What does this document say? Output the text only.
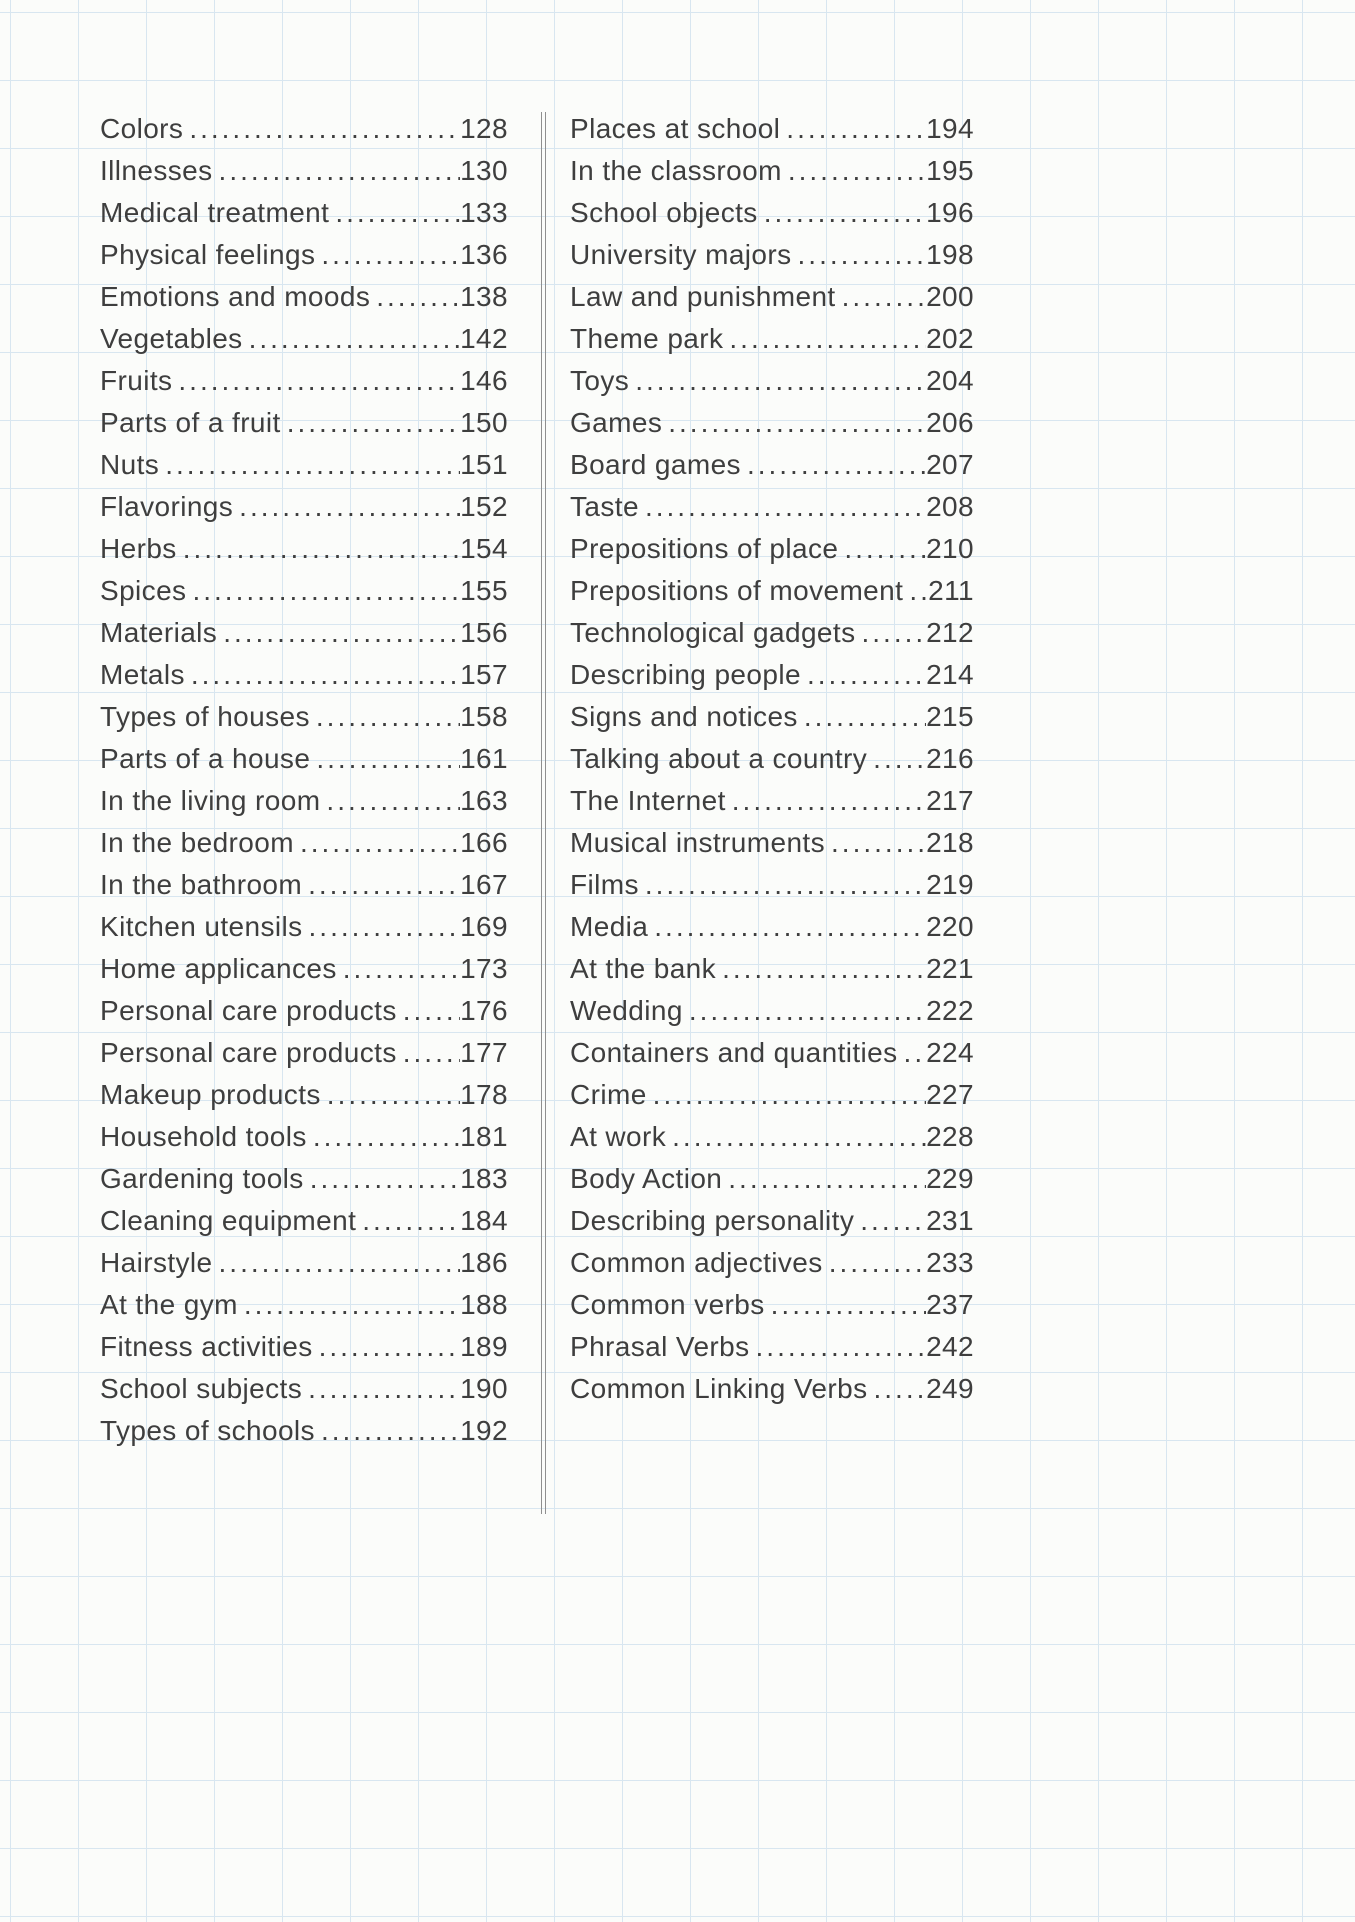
Colors .....	128
Illnesses .....	130
Medical treatment .....	133
Physical feelings .....	136
Emotions and moods .....	138
Vegetables .....	142
Fruits .....	146
Parts of a fruit .....	150
Nuts .....	151
Flavorings .....	152
Herbs .....	154
Spices .....	155
Materials .....	156
Metals .....	157
Types of houses .....	158
Parts of a house .....	161
In the living room .....	163
In the bedroom .....	166
In the bathroom .....	167
Kitchen utensils .....	169
Home applicances .....	173
Personal care products ..... 176
Personal care products ..... 177
Makeup products .....	178
Household tools .....	181
Gardening tools .....	183
Cleaning equipment .....	184
Hairstyle .....	186
At the gym .....	188
Fitness activities .....	189
School subjects .....	190
Types of schools .....	192
Places at school .....	194
In the classroom .....	195
School objects .....	196
University majors .....	198
Law and punishment .....	200
Theme park .....	202
Toys .....	204
Games .....	206
Board games .....	207
Taste .....	208
Prepositions of place .....	210
Prepositions of movement ..... 211
Technological gadgets .....	212
Describing people .....	214
Signs and notices .....	215
Talking about a country ..... 216
The Internet .....	217
Musical instruments .....	218
Films .....	219
Media .....	220
At the bank .....	221
Wedding .....	222
Containers and quantities ..... 224
Crime .....	227
At work .....	228
Body Action .....	229
Describing personality .....	231
Common adjectives .....	233
Common verbs .....	237
Phrasal Verbs .....	242
Common Linking Verbs ..... 249
